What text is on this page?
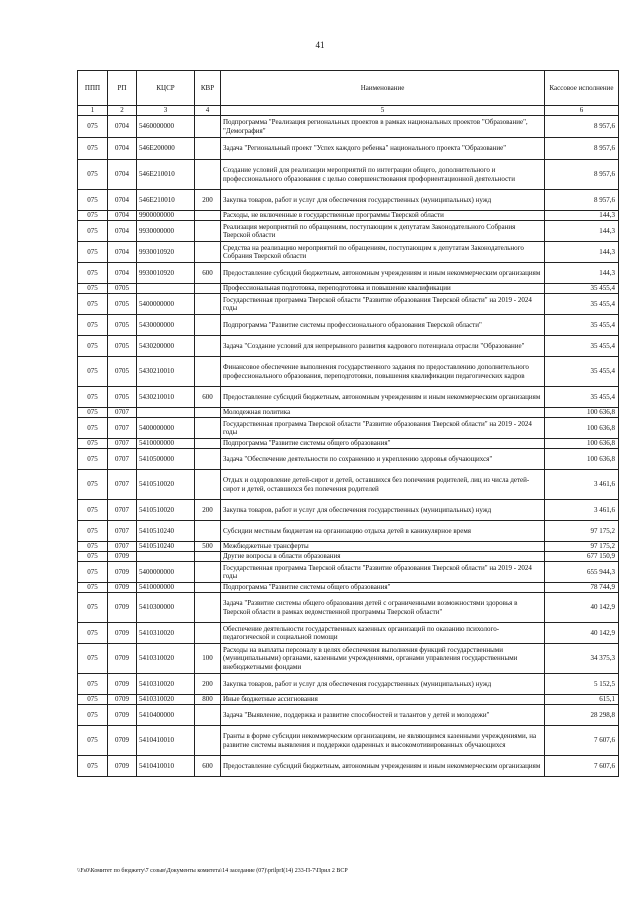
41
ППП	РП	КЦСР	КВР	Наименование	Кассовое исполнение
1	2	3	4	5	6
075	0704	5460000000		Подпрограмма "Реализация региональных проектов в рамках национальных проектов "Образование", "Демография"	8 957,6
075	0704	546E200000		Задача "Региональный проект "Успех каждого ребенка" национального проекта "Образование"	8 957,6
075	0704	546E210010		Создание условий для реализации мероприятий по интеграции общего, дополнительного и профессионального образования с целью совершенствования профориентационной деятельности	8 957,6
075	0704	546E210010	200	Закупка товаров, работ и услуг для обеспечения государственных (муниципальных) нужд	8 957,6
075	0704	9900000000		Расходы, не включенные в государственные программы Тверской области	144,3
075	0704	9930000000		Реализация мероприятий по обращениям, поступающим к депутатам Законодательного Собрания Тверской области	144,3
075	0704	9930010920		Средства на реализацию мероприятий по обращениям, поступающим к депутатам Законодательного Собрания Тверской области	144,3
075	0704	9930010920	600	Предоставление субсидий бюджетным, автономным учреждениям и иным некоммерческим организациям	144,3
075	0705			Профессиональная подготовка, переподготовка и повышение квалификации	35 455,4
075	0705	5400000000		Государственная программа Тверской области "Развитие образования Тверской области" на 2019 - 2024 годы	35 455,4
075	0705	5430000000		Подпрограмма "Развитие системы профессионального образования Тверской области"	35 455,4
075	0705	5430200000		Задача "Создание условий для непрерывного развития кадрового потенциала отрасли "Образование"	35 455,4
075	0705	5430210010		Финансовое обеспечение выполнения государственного задания по предоставлению дополнительного профессионального образования, переподготовки, повышения квалификации педагогических кадров	35 455,4
075	0705	5430210010	600	Предоставление субсидий бюджетным, автономным учреждениям и иным некоммерческим организациям	35 455,4
075	0707			Молодежная политика	100 636,8
075	0707	5400000000		Государственная программа Тверской области "Развитие образования Тверской области" на 2019 - 2024 годы	100 636,8
075	0707	5410000000		Подпрограмма "Развитие системы общего образования"	100 636,8
075	0707	5410500000		Задача "Обеспечение деятельности по сохранению и укреплению здоровья обучающихся"	100 636,8
075	0707	5410510020		Отдых и оздоровление детей-сирот и детей, оставшихся без попечения родителей, лиц из числа детей-сирот и детей, оставшихся без попечения родителей	3 461,6
075	0707	5410510020	200	Закупка товаров, работ и услуг для обеспечения государственных (муниципальных) нужд	3 461,6
075	0707	5410510240		Субсидии местным бюджетам на организацию отдыха детей в каникулярное время	97 175,2
075	0707	5410510240	500	Межбюджетные трансферты	97 175,2
075	0709			Другие вопросы в области образования	677 150,9
075	0709	5400000000		Государственная программа Тверской области "Развитие образования Тверской области" на 2019 - 2024 годы	655 944,3
075	0709	5410000000		Подпрограмма "Развитие системы общего образования"	78 744,9
075	0709	5410300000		Задача "Развитие системы общего образования детей с ограниченными возможностями здоровья в Тверской области в рамках ведомственной программы Тверской области"	40 142,9
075	0709	5410310020		Обеспечение деятельности государственных казенных организаций по оказанию психолого-педагогической и социальной помощи	40 142,9
075	0709	5410310020	100	Расходы на выплаты персоналу в целях обеспечения выполнения функций государственными (муниципальными) органами, казенными учреждениями, органами управления государственными внебюджетными фондами	34 375,3
075	0709	5410310020	200	Закупка товаров, работ и услуг для обеспечения государственных (муниципальных) нужд	5 152,5
075	0709	5410310020	800	Иные бюджетные ассигнования	615,1
075	0709	5410400000		Задача "Выявление, поддержка и развитие способностей и талантов у детей и молодежи"	28 298,8
075	0709	5410410010		Гранты в форме субсидии некоммерческим организациям, не являющимся казенными учреждениями, на развитие системы выявления и поддержки одаренных и высокомотивированных обучающихся	7 607,6
075	0709	5410410010	600	Предоставление субсидий бюджетным, автономным учреждениям и иным некоммерческим организациям	7 607,6
\\Fs0\Комитет по бюджету\7 созыв\Документы комитета\14 заседание (07)\prilprI(14) 233-П-7\Прил 2 ВСР
